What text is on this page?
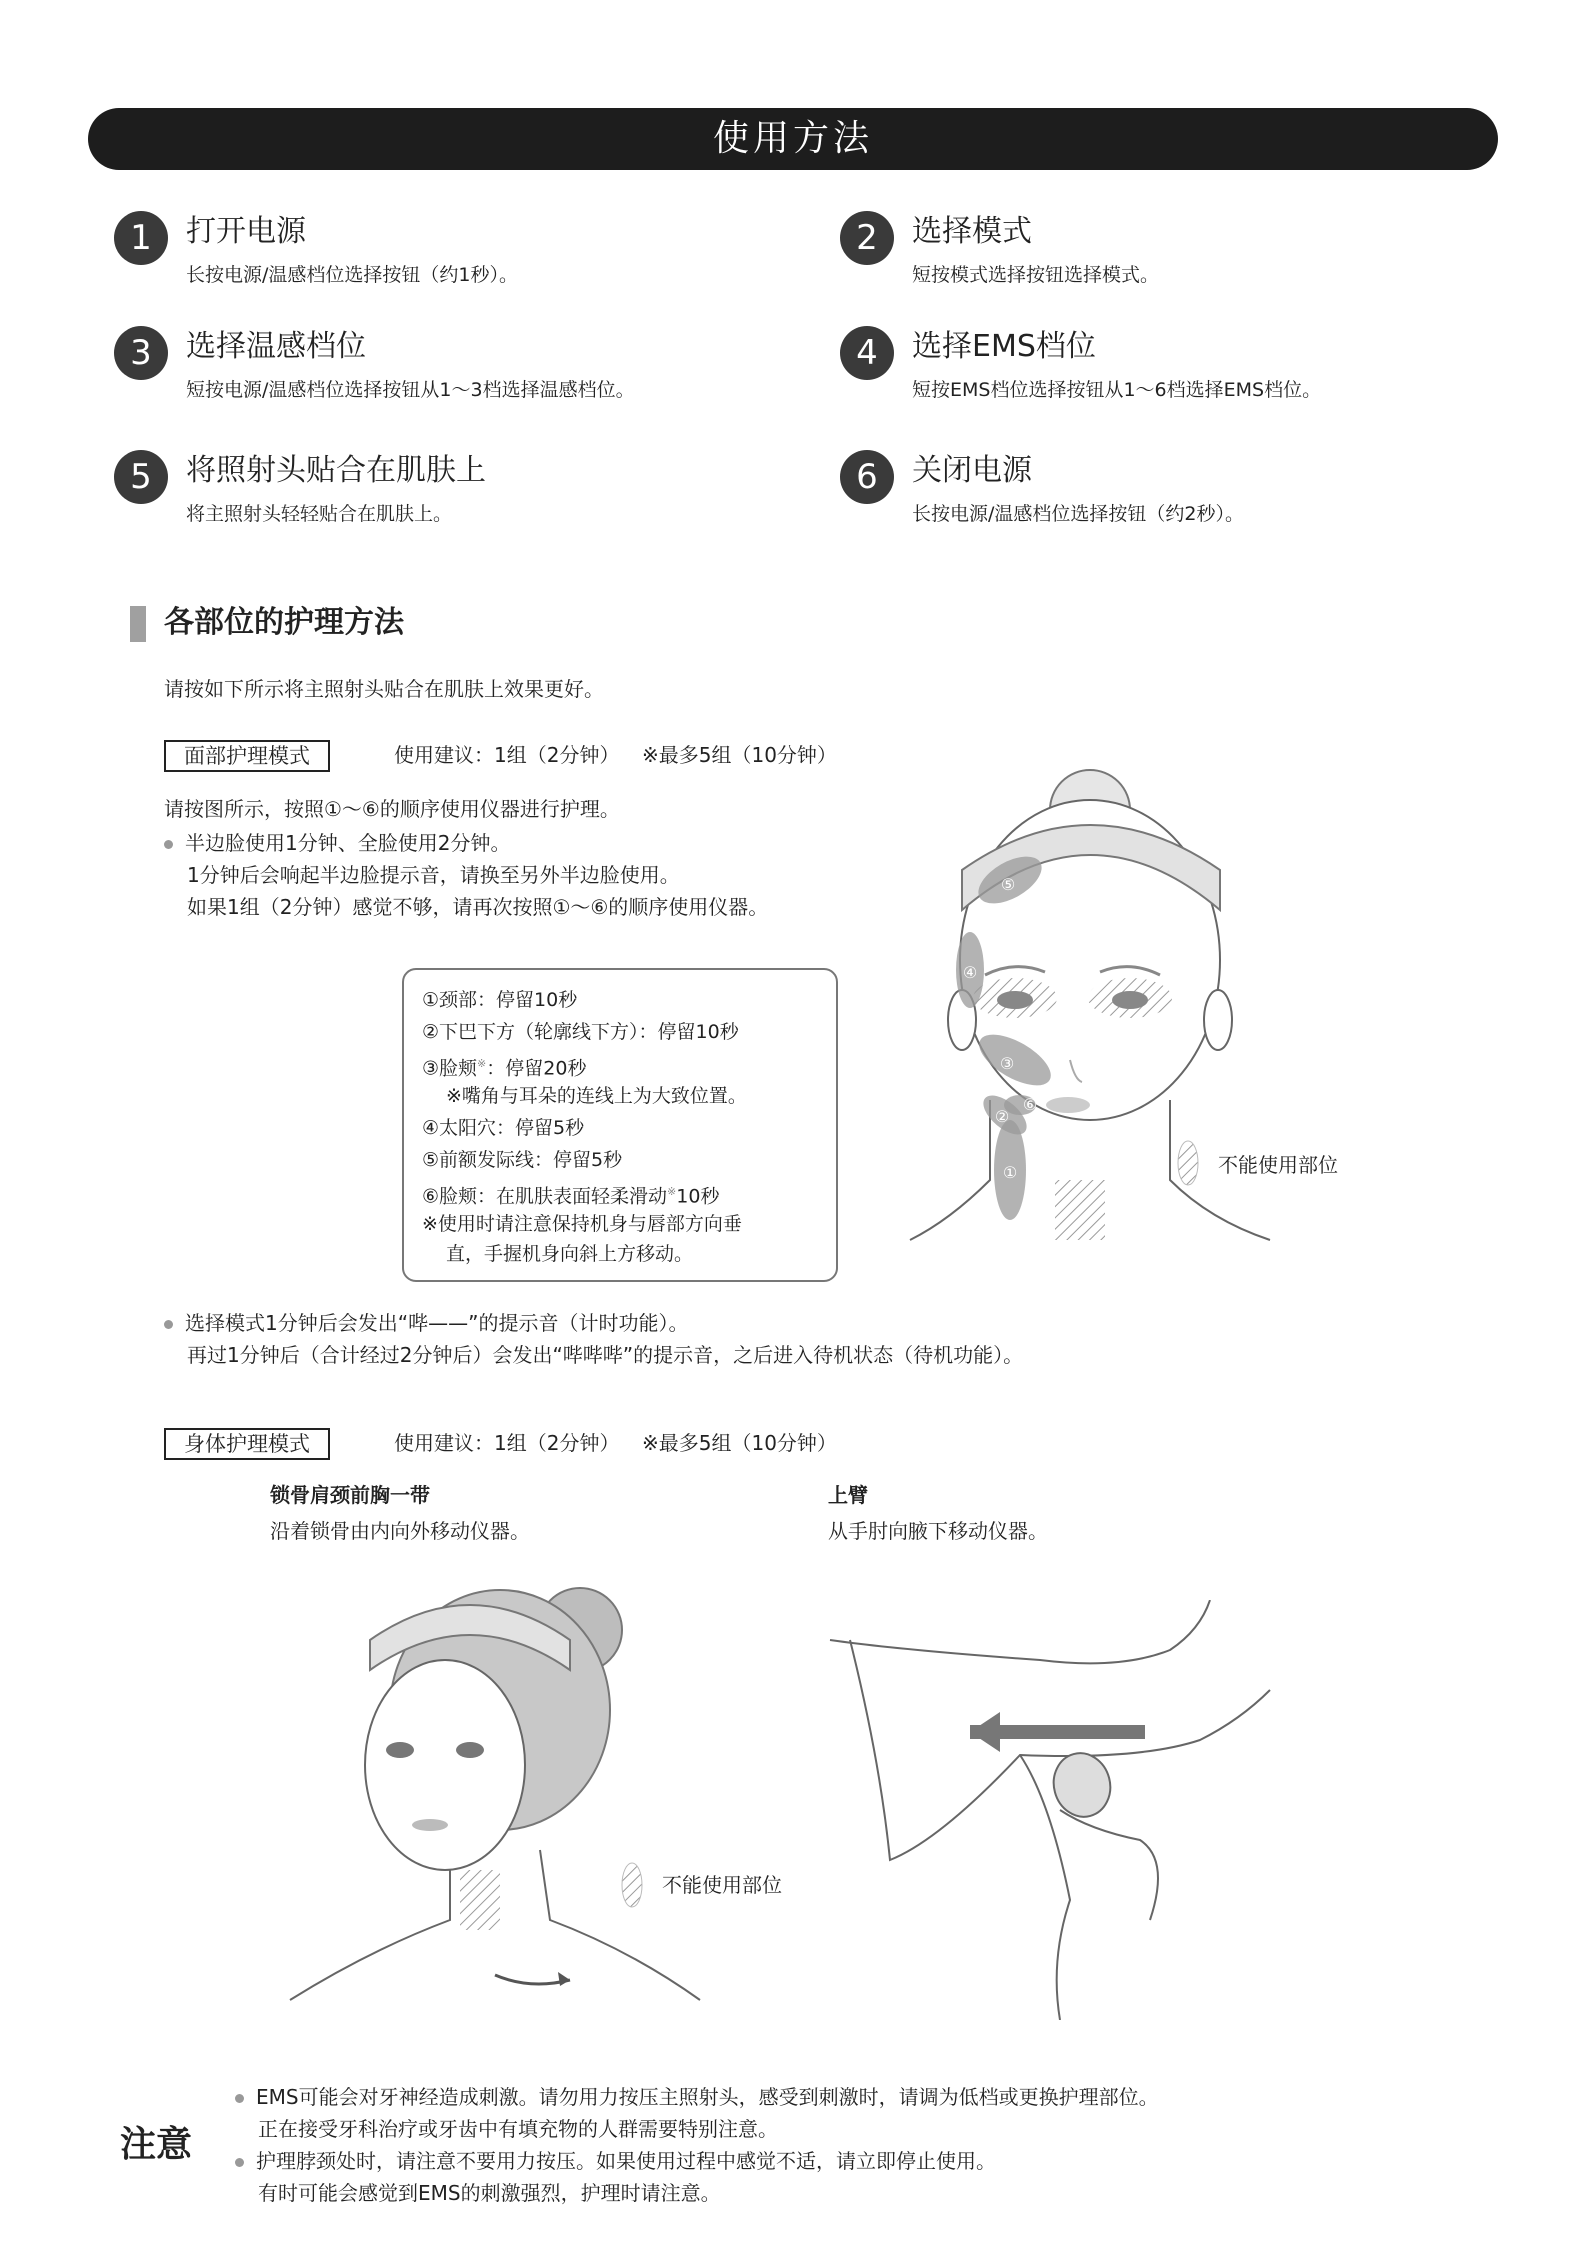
使用方法
1	打开电源
长按电源/温感档位选择按钮（约1秒）。
2	选择模式
短按模式选择按钮选择模式。
3	选择温感档位
短按电源/温感档位选择按钮从1～3档选择温感档位。
4	选择EMS档位
短按EMS档位选择按钮从1～6档选择EMS档位。
5	将照射头贴合在肌肤上
将主照射头轻轻贴合在肌肤上。
6	关闭电源
长按电源/温感档位选择按钮（约2秒）。
各部位的护理方法
请按如下所示将主照射头贴合在肌肤上效果更好。
面部护理模式	使用建议：1组（2分钟） ※最多5组（10分钟）
请按图所示，按照①～⑥的顺序使用仪器进行护理。
半边脸使用1分钟、全脸使用2分钟。
1分钟后会响起半边脸提示音，请换至另外半边脸使用。
如果1组（2分钟）感觉不够，请再次按照①～⑥的顺序使用仪器。
①颈部：停留10秒
②下巴下方（轮廓线下方）：停留10秒
③脸颊※：停留20秒
※嘴角与耳朵的连线上为大致位置。
④太阳穴：停留5秒
⑤前额发际线：停留5秒
⑥脸颊：在肌肤表面轻柔滑动※10秒
※使用时请注意保持机身与唇部方向垂
直，手握机身向斜上方移动。
⑤
④
③
②
⑥
①	不能使用部位
选择模式1分钟后会发出“哔——”的提示音（计时功能）。
再过1分钟后（合计经过2分钟后）会发出“哔哔哔”的提示音，之后进入待机状态（待机功能）。
身体护理模式	使用建议：1组（2分钟） ※最多5组（10分钟）
锁骨肩颈前胸一带
沿着锁骨由内向外移动仪器。
上臂
从手肘向腋下移动仪器。
不能使用部位
注意
EMS可能会对牙神经造成刺激。请勿用力按压主照射头，感受到刺激时，请调为低档或更换护理部位。
正在接受牙科治疗或牙齿中有填充物的人群需要特别注意。
护理脖颈处时，请注意不要用力按压。如果使用过程中感觉不适，请立即停止使用。
有时可能会感觉到EMS的刺激强烈，护理时请注意。
